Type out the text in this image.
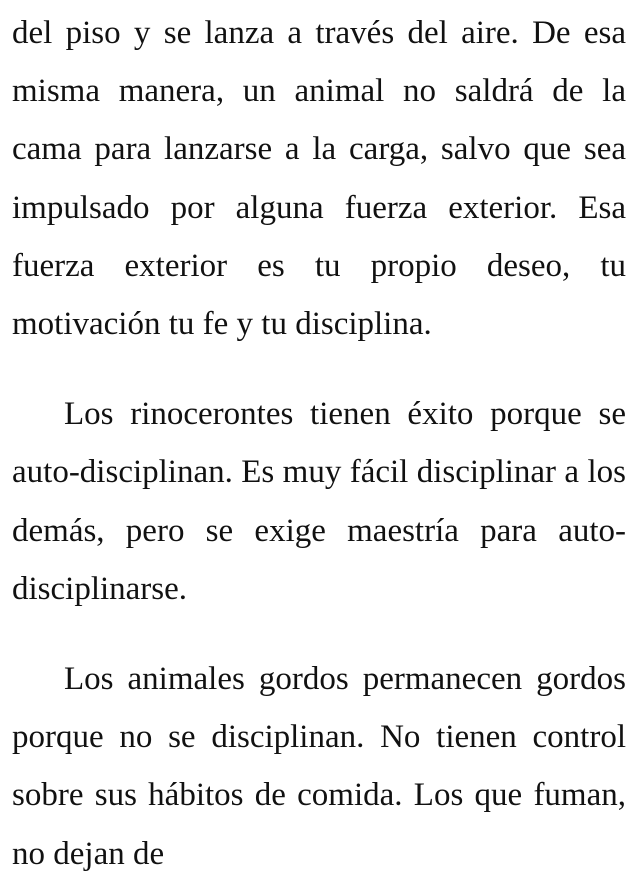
del piso y se lanza a través del aire. De esa misma manera, un animal no saldrá de la cama para lanzarse a la carga, salvo que sea impulsado por alguna fuerza exterior. Esa fuerza exterior es tu propio deseo, tu motivación tu fe y tu disciplina.

Los rinocerontes tienen éxito porque se auto-disciplinan. Es muy fácil disciplinar a los demás, pero se exige maestría para auto-disciplinarse.

Los animales gordos permanecen gordos porque no se disciplinan. No tienen control sobre sus hábitos de comida. Los que fuman, no dejan de
